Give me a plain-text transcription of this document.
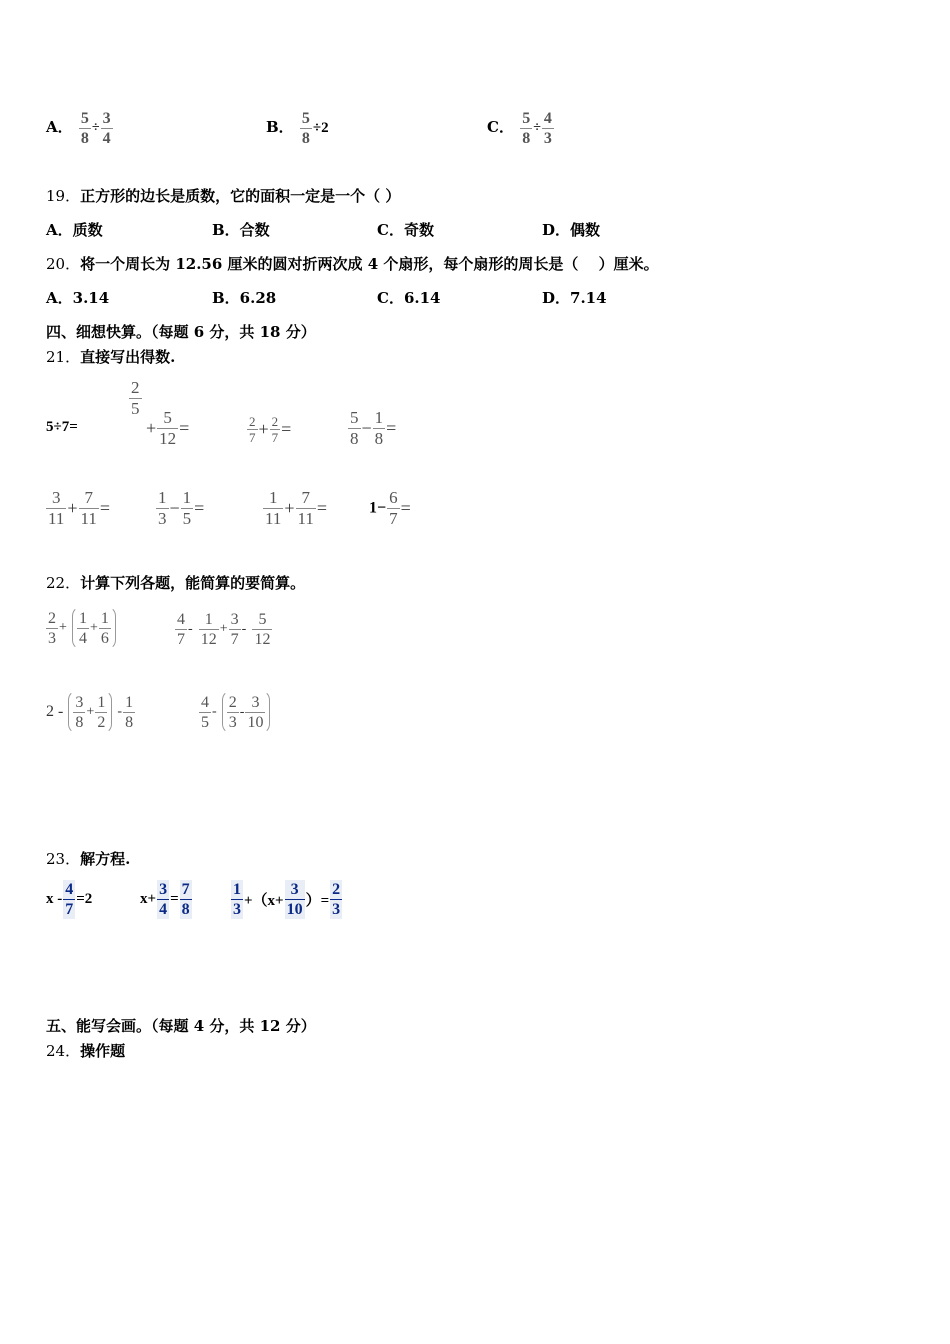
A． $\frac{5}{8} \div \frac{3}{4}$	B． $\frac{5}{8} \div 2$	C． $\frac{5}{8} \div \frac{4}{3}$
19．正方形的边长是质数，它的面积一定是一个（ ）
A．质数	B．合数	C．奇数	D．偶数
20．将一个周长为 12.56 厘米的圆对折两次成 4 个扇形，每个扇形的周长是（　 ）厘米。
A．3.14	B．6.28	C．6.14	D．7.14
四、细想快算。（每题 6 分，共 18 分）
21．直接写出得数.
5÷7=
$\frac{2}{5}$
+ $\frac{5}{12}$ =	$\frac{2}{7} + \frac{2}{7}$ =	$\frac{5}{8} - \frac{1}{8}$ =
$\frac{3}{11} + \frac{7}{11}$ =	$\frac{1}{3} - \frac{1}{5}$ =	$\frac{1}{11} + \frac{7}{11}$ =	$1- \frac{6}{7}$ =
22．计算下列各题，能简算的要简算。
$\frac{2}{3} + \frac{1}{4} + \frac{1}{6}$	$\frac{4}{7} - \frac{1}{12} + \frac{3}{7} - \frac{5}{12}$
$2 - \frac{3}{8} + \frac{1}{2} - \frac{1}{8}$	$\frac{4}{5} - \frac{2}{3} - \frac{3}{10}$
23．解方程.
$x - \frac{4}{7} =2$	$x+ \frac{3}{4} = \frac{7}{8} \frac{1}{3} +(x+ \frac{3}{10}$ ）= $\frac{2}{3}$
五、能写会画。（每题 4 分，共 12 分）
24．操作题
